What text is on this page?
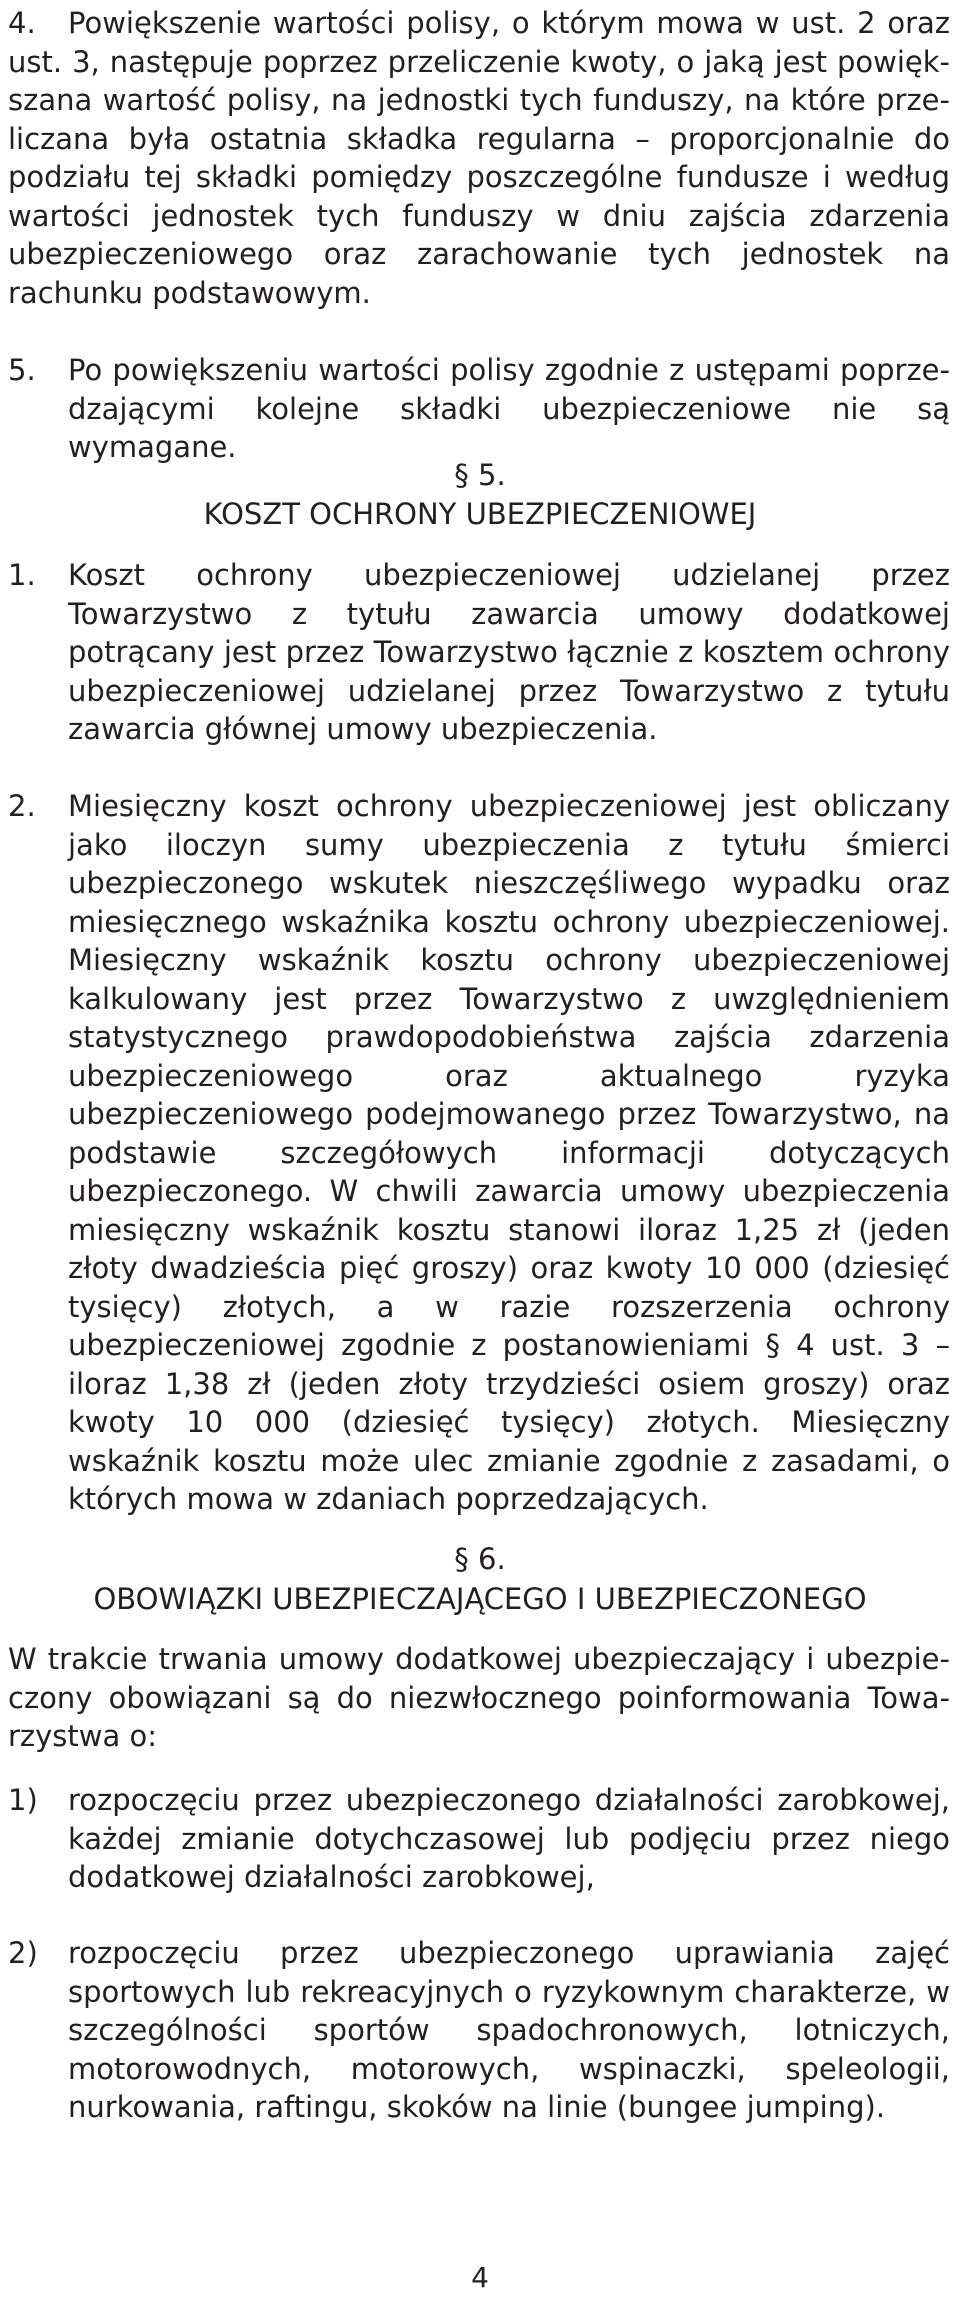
4.	Powiększenie wartości polisy, o którym mowa w ust. 2 oraz ust. 3, następuje poprzez przeliczenie kwoty, o jaką jest powiększana wartość polisy, na jednostki tych funduszy, na które przeliczana była ostatnia składka regularna – proporcjonalnie do podziału tej składki pomiędzy poszczególne fundusze i według wartości jednostek tych funduszy w dniu zajścia zdarzenia ubezpieczeniowego oraz zarachowanie tych jednostek na rachunku podstawowym.
5.	Po powiększeniu wartości polisy zgodnie z ustępami poprzedzającymi kolejne składki ubezpieczeniowe nie są wymagane.
§ 5.
KOSZT OCHRONY UBEZPIECZENIOWEJ
1.	Koszt ochrony ubezpieczeniowej udzielanej przez Towarzystwo z tytułu zawarcia umowy dodatkowej potrącany jest przez Towarzystwo łącznie z kosztem ochrony ubezpieczeniowej udzielanej przez Towarzystwo z tytułu zawarcia głównej umowy ubezpieczenia.
2.	Miesięczny koszt ochrony ubezpieczeniowej jest obliczany jako iloczyn sumy ubezpieczenia z tytułu śmierci ubezpieczonego wskutek nieszczęśliwego wypadku oraz miesięcznego wskaźnika kosztu ochrony ubezpieczeniowej. Miesięczny wskaźnik kosztu ochrony ubezpieczeniowej kalkulowany jest przez Towarzystwo z uwzględnieniem statystycznego prawdopodobieństwa zajścia zdarzenia ubezpieczeniowego oraz aktualnego ryzyka ubezpieczeniowego podejmowanego przez Towarzystwo, na podstawie szczegółowych informacji dotyczących ubezpieczonego. W chwili zawarcia umowy ubezpieczenia miesięczny wskaźnik kosztu stanowi iloraz 1,25 zł (jeden złoty dwadzieścia pięć groszy) oraz kwoty 10 000 (dziesięć tysięcy) złotych, a w razie rozszerzenia ochrony ubezpieczeniowej zgodnie z postanowieniami § 4 ust. 3 – iloraz 1,38 zł (jeden złoty trzydzieści osiem groszy) oraz kwoty 10 000 (dziesięć tysięcy) złotych. Miesięczny wskaźnik kosztu może ulec zmianie zgodnie z zasadami, o których mowa w zdaniach poprzedzających.
§ 6.
OBOWIĄZKI UBEZPIECZAJĄCEGO I UBEZPIECZONEGO
W trakcie trwania umowy dodatkowej ubezpieczający i ubezpieczony obowiązani są do niezwłocznego poinformowania Towarzystwa o:
1)	rozpoczęciu przez ubezpieczonego działalności zarobkowej, każdej zmianie dotychczasowej lub podjęciu przez niego dodatkowej działalności zarobkowej,
2)	rozpoczęciu przez ubezpieczonego uprawiania zajęć sportowych lub rekreacyjnych o ryzykownym charakterze, w szczególności sportów spadochronowych, lotniczych, motorowodnych, motorowych, wspinaczki, speleologii, nurkowania, raftingu, skoków na linie (bungee jumping).
4
